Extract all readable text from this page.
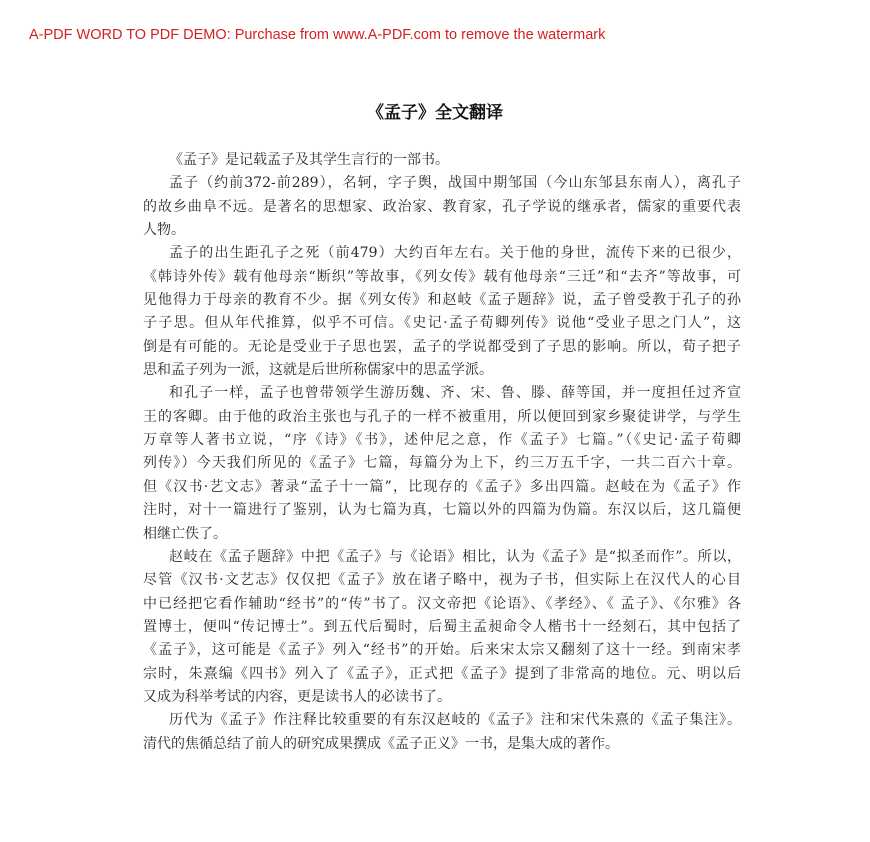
A-PDF WORD TO PDF DEMO: Purchase from www.A-PDF.com to remove the watermark
《孟子》全文翻译
《孟子》是记载孟子及其学生言行的一部书。
孟子（约前372-前289），名轲，字子舆，战国中期邹国（今山东邹县东南人），离孔子
的故乡曲阜不远。是著名的思想家、政治家、教育家，孔子学说的继承者，儒家的重要代表
人物。
孟子的出生距孔子之死（前479）大约百年左右。关于他的身世，流传下来的已很少，
《韩诗外传》载有他母亲“断织”等故事，《列女传》载有他母亲“三迁”和“去齐”等故事，可
见他得力于母亲的教育不少。据《列女传》和赵岐《孟子题辞》说，孟子曾受教于孔子的孙
子子思。但从年代推算，似乎不可信。《史记·孟子荀卿列传》说他“受业子思之门人”，这
倒是有可能的。无论是受业于子思也罢，孟子的学说都受到了子思的影响。所以，荀子把子
思和孟子列为一派，这就是后世所称儒家中的思孟学派。
和孔子一样，孟子也曾带领学生游历魏、齐、宋、鲁、滕、薛等国，并一度担任过齐宣
王的客卿。由于他的政治主张也与孔子的一样不被重用，所以便回到家乡聚徒讲学，与学生
万章等人著书立说，“序《诗》《书》，述仲尼之意，作《孟子》七篇。”（《史记·孟子荀卿
列传》）今天我们所见的《孟子》七篇，每篇分为上下，约三万五千字，一共二百六十章。
但《汉书·艺文志》著录“孟子十一篇”，比现存的《孟子》多出四篇。赵岐在为《孟子》作
注时，对十一篇进行了鉴别，认为七篇为真，七篇以外的四篇为伪篇。东汉以后，这几篇便
相继亡佚了。
赵岐在《孟子题辞》中把《孟子》与《论语》相比，认为《孟子》是“拟圣而作”。所以，
尽管《汉书·文艺志》仅仅把《孟子》放在诸子略中，视为子书，但实际上在汉代人的心目
中已经把它看作辅助“经书”的“传”书了。汉文帝把《论语》、《孝经》、《 孟子》、《尔雅》各
置博士，便叫“传记博士”。到五代后蜀时，后蜀主孟昶命令人楷书十一经刻石，其中包括了
《孟子》，这可能是《孟子》列入“经书”的开始。后来宋太宗又翻刻了这十一经。到南宋孝
宗时，朱熹编《四书》列入了《孟子》，正式把《孟子》提到了非常高的地位。元、明以后
又成为科举考试的内容，更是读书人的必读书了。
历代为《孟子》作注释比较重要的有东汉赵岐的《孟子》注和宋代朱熹的《孟子集注》。
清代的焦循总结了前人的研究成果撰成《孟子正义》一书，是集大成的著作。
